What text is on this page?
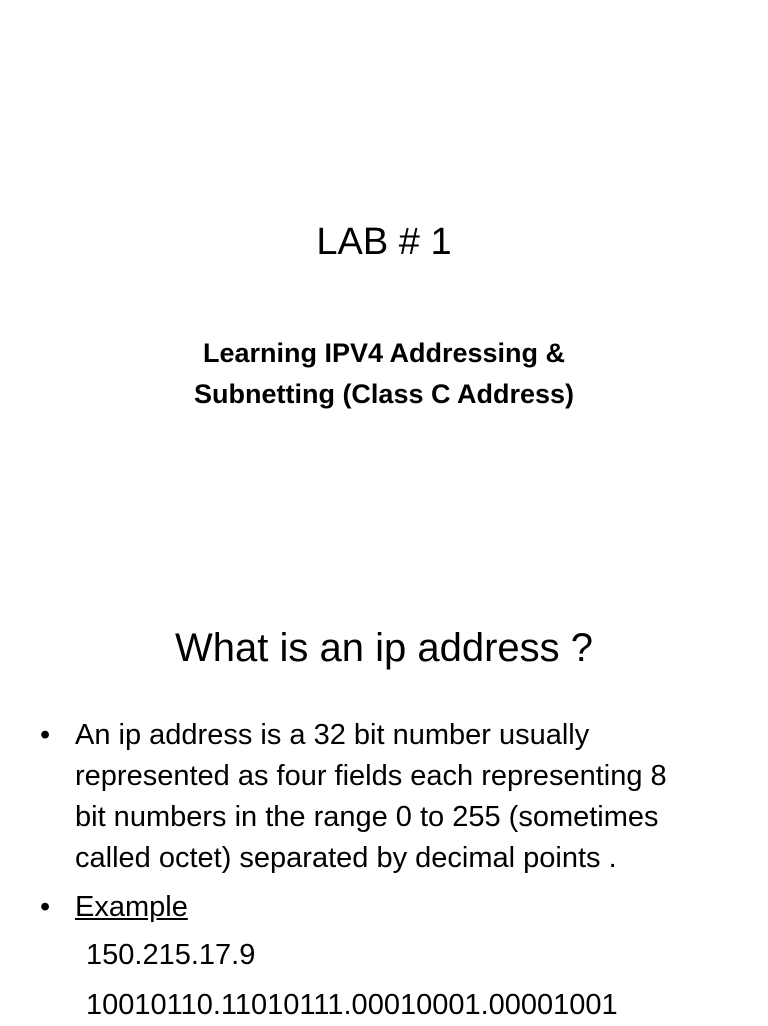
LAB # 1
Learning IPV4 Addressing &
Subnetting (Class C Address)
What is an ip address ?
• An ip address is a 32 bit number usually
represented as four fields each representing 8
bit numbers in the range 0 to 255 (sometimes
called octet) separated by decimal points .
• Example
150.215.17.9
10010110.11010111.00010001.00001001
